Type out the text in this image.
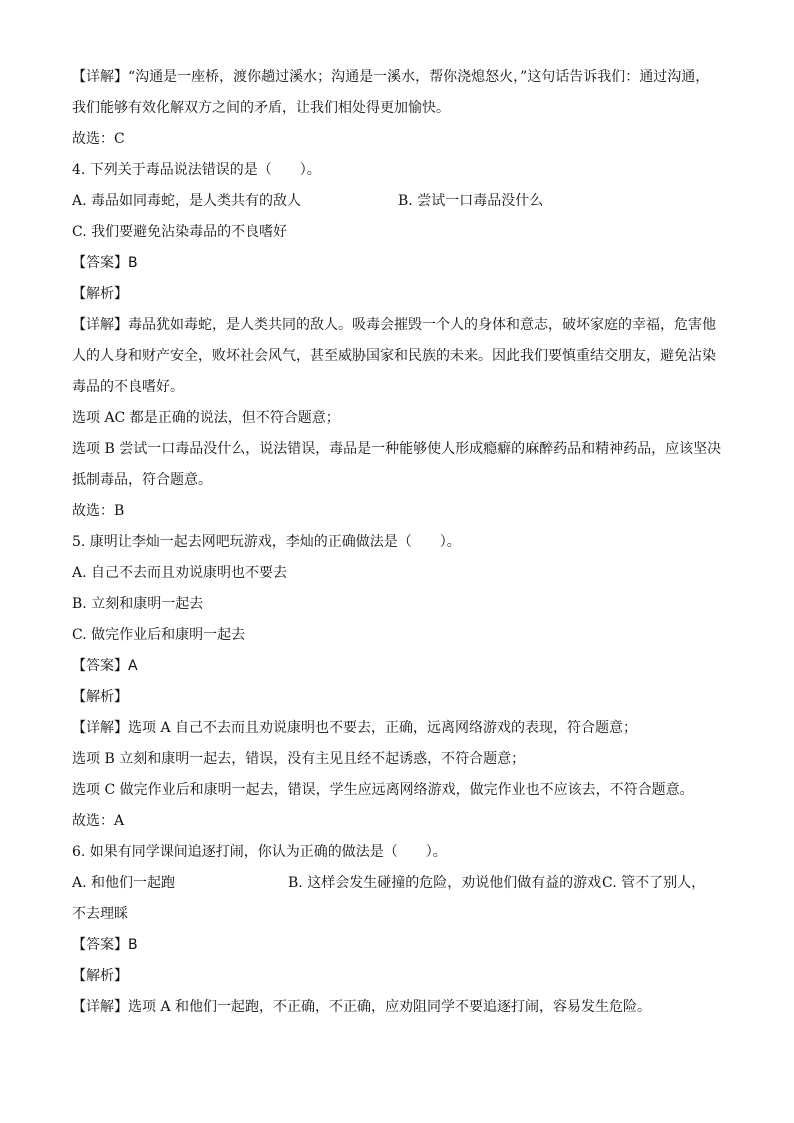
【详解】“沟通是一座桥，渡你趟过溪水；沟通是一溪水，帮你浇熄怒火，”这句话告诉我们：通过沟通，
我们能够有效化解双方之间的矛盾，让我们相处得更加愉快。
故选：C
4. 下列关于毒品说法错误的是（　　）。
A. 毒品如同毒蛇，是人类共有的敌人	B. 尝试一口毒品没什么
C. 我们要避免沾染毒品的不良嗜好
【答案】B
【解析】
【详解】毒品犹如毒蛇，是人类共同的敌人。吸毒会摧毁一个人的身体和意志，破坏家庭的幸福，危害他
人的人身和财产安全，败坏社会风气，甚至威胁国家和民族的未来。因此我们要慎重结交朋友，避免沾染
毒品的不良嗜好。
选项 AC 都是正确的说法，但不符合题意；
选项 B 尝试一口毒品没什么，说法错误，毒品是一种能够使人形成瘾癖的麻醉药品和精神药品，应该坚决
抵制毒品，符合题意。
故选：B
5. 康明让李灿一起去网吧玩游戏，李灿的正确做法是（　　）。
A. 自己不去而且劝说康明也不要去
B. 立刻和康明一起去
C. 做完作业后和康明一起去
【答案】A
【解析】
【详解】选项 A 自己不去而且劝说康明也不要去，正确，远离网络游戏的表现，符合题意；
选项 B 立刻和康明一起去，错误，没有主见且经不起诱惑，不符合题意；
选项 C 做完作业后和康明一起去，错误，学生应远离网络游戏，做完作业也不应该去，不符合题意。
故选：A
6. 如果有同学课间追逐打闹，你认为正确的做法是（　　）。
A. 和他们一起跑	B. 这样会发生碰撞的危险，劝说他们做有益的游戏 C. 管不了别人，
不去理睬
【答案】B
【解析】
【详解】选项 A 和他们一起跑，不正确，不正确，应劝阻同学不要追逐打闹，容易发生危险。
